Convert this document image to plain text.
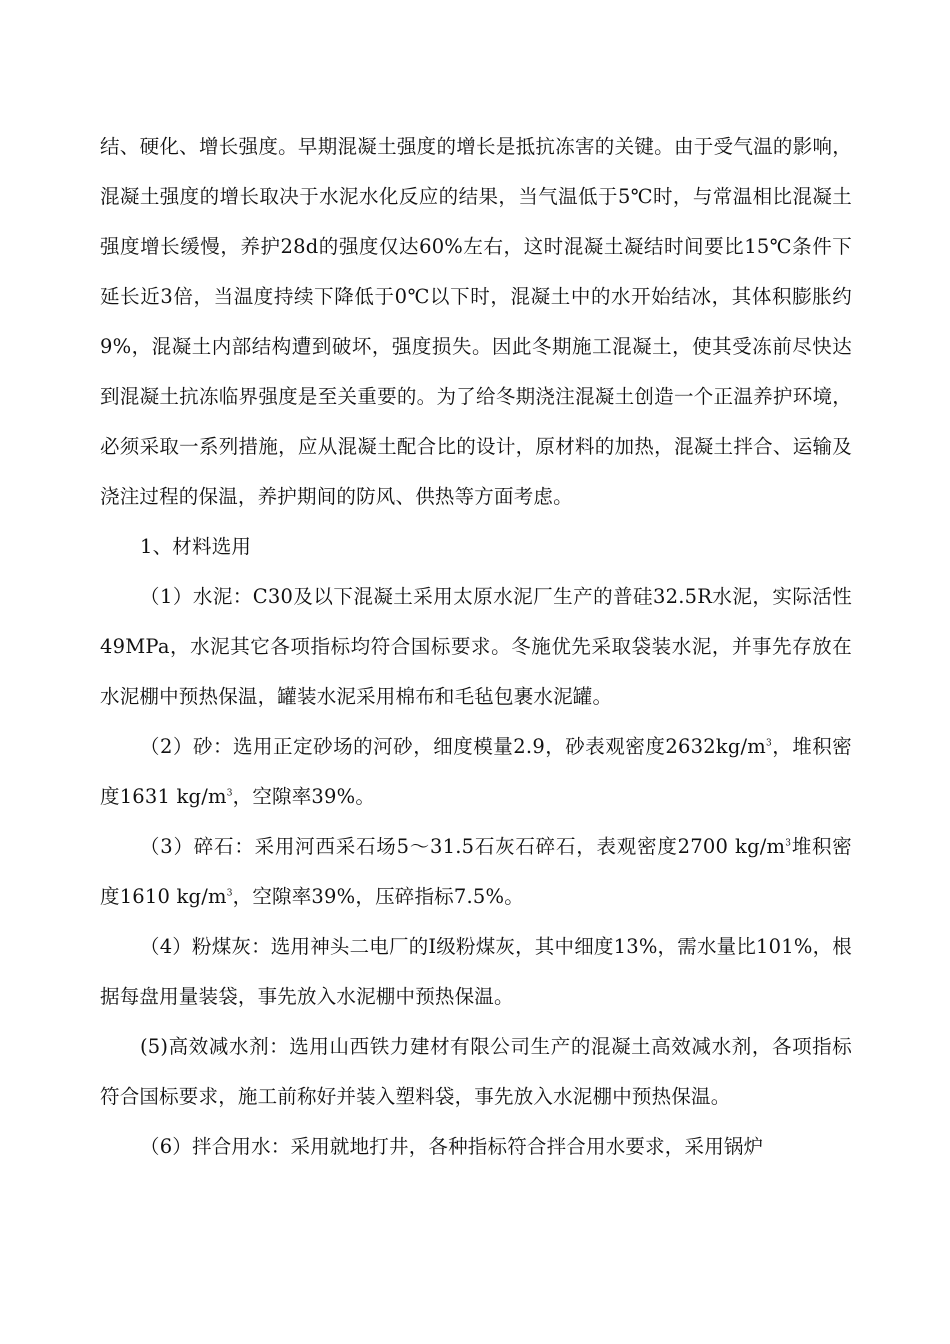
结、硬化、增长强度。早期混凝土强度的增长是抵抗冻害的关键。由于受气温的影响，混凝土强度的增长取决于水泥水化反应的结果，当气温低于5℃时，与常温相比混凝土强度增长缓慢，养护28d的强度仅达60%左右，这时混凝土凝结时间要比15℃条件下延长近3倍，当温度持续下降低于0℃以下时，混凝土中的水开始结冰，其体积膨胀约9%，混凝土内部结构遭到破坏，强度损失。因此冬期施工混凝土，使其受冻前尽快达到混凝土抗冻临界强度是至关重要的。为了给冬期浇注混凝土创造一个正温养护环境，必须采取一系列措施，应从混凝土配合比的设计，原材料的加热，混凝土拌合、运输及浇注过程的保温，养护期间的防风、供热等方面考虑。

1、材料选用

（1）水泥：C30及以下混凝土采用太原水泥厂生产的普硅32.5R水泥，实际活性49MPa，水泥其它各项指标均符合国标要求。冬施优先采取袋装水泥，并事先存放在水泥棚中预热保温，罐装水泥采用棉布和毛毡包裹水泥罐。

（2）砂：选用正定砂场的河砂，细度模量2.9，砂表观密度$2632kg/m^3$，堆积密度1631 $kg/m^3$，空隙率39%。

（3）碎石：采用河西采石场5～31.5石灰石碎石，表观密度2700 $kg/m^3$堆积密度1610 $kg/m^3$，空隙率39%，压碎指标7.5%。

（4）粉煤灰：选用神头二电厂的Ⅰ级粉煤灰，其中细度13%，需水量比101%，根据每盘用量装袋，事先放入水泥棚中预热保温。

(5)高效减水剂：选用山西铁力建材有限公司生产的混凝土高效减水剂，各项指标符合国标要求，施工前称好并装入塑料袋，事先放入水泥棚中预热保温。

（6）拌合用水：采用就地打井，各种指标符合拌合用水要求，采用锅炉
